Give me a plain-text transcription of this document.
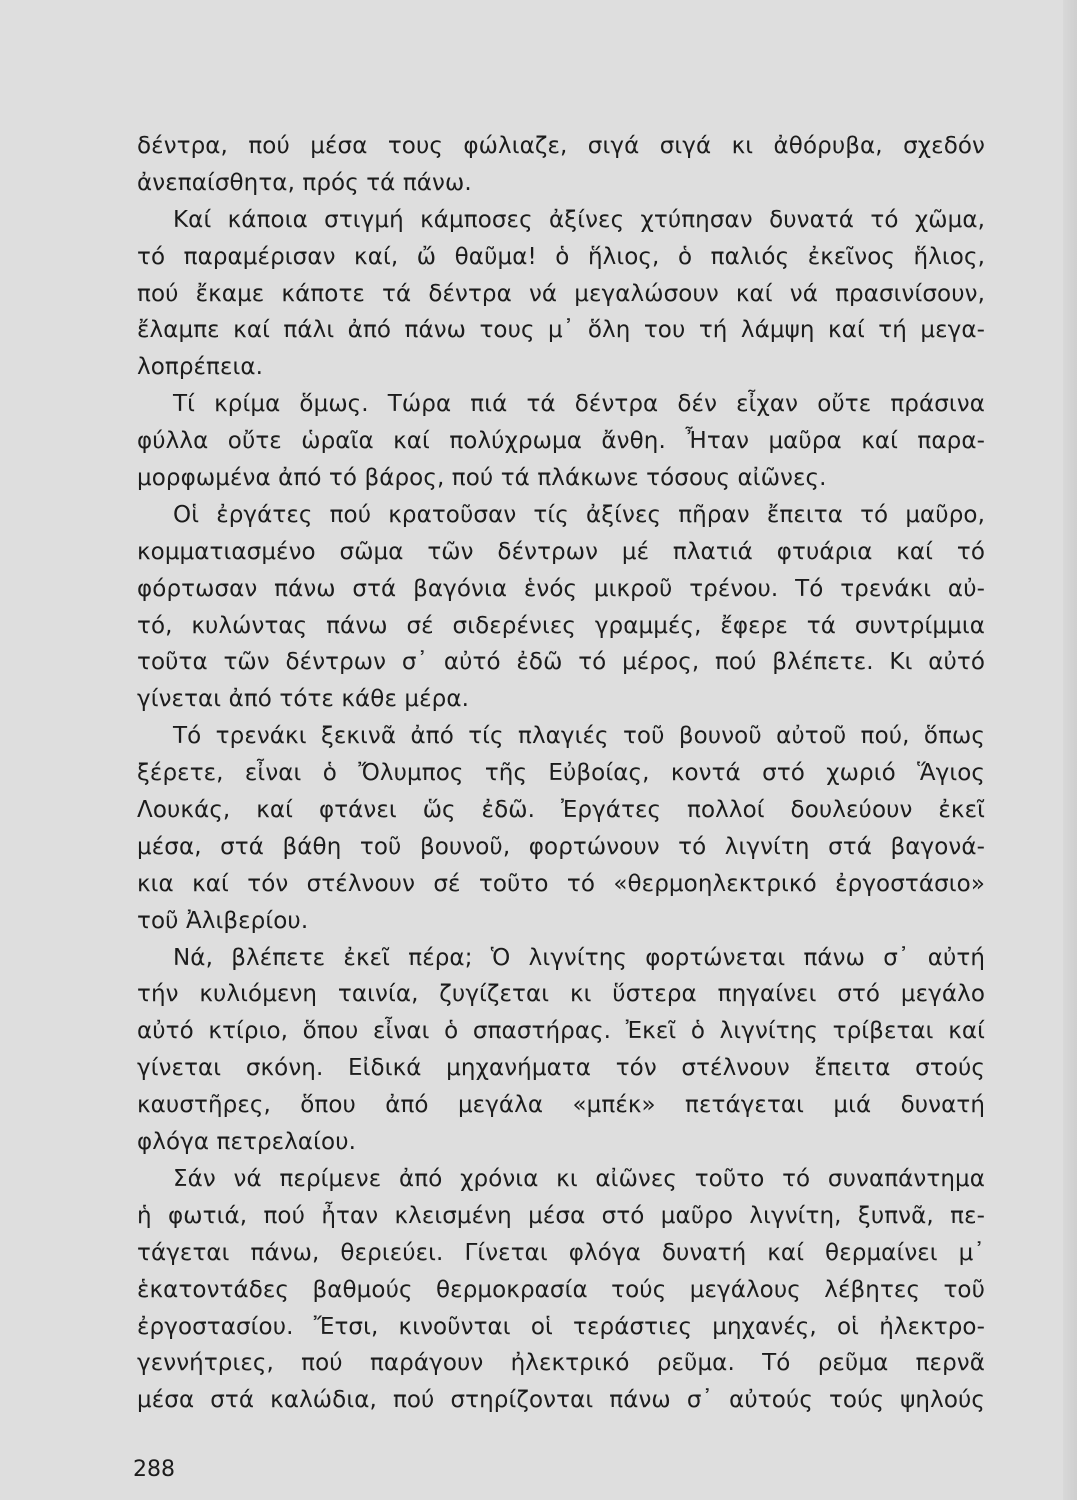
δέντρα, πού μέσα τους φώλιαζε, σιγά σιγά κι ἀθόρυβα, σχεδόν
ἀνεπαίσθητα, πρός τά πάνω.
Καί κάποια στιγμή κάμποσες ἀξίνες χτύπησαν δυνατά τό χῶμα,
τό παραμέρισαν καί, ὤ θαῦμα! ὁ ἥλιος, ὁ παλιός ἐκεῖνος ἥλιος,
πού ἔκαμε κάποτε τά δέντρα νά μεγαλώσουν καί νά πρασινίσουν,
ἔλαμπε καί πάλι ἀπό πάνω τους μ᾽ ὅλη του τή λάμψη καί τή μεγα-
λοπρέπεια.
Τί κρίμα ὅμως. Τώρα πιά τά δέντρα δέν εἶχαν οὔτε πράσινα
φύλλα οὔτε ὡραῖα καί πολύχρωμα ἄνθη. Ἦταν μαῦρα καί παρα-
μορφωμένα ἀπό τό βάρος, πού τά πλάκωνε τόσους αἰῶνες.
Οἱ ἐργάτες πού κρατοῦσαν τίς ἀξίνες πῆραν ἔπειτα τό μαῦρο,
κομματιασμένο σῶμα τῶν δέντρων μέ πλατιά φτυάρια καί τό
φόρτωσαν πάνω στά βαγόνια ἑνός μικροῦ τρένου. Τό τρενάκι αὐ-
τό, κυλώντας πάνω σέ σιδερένιες γραμμές, ἔφερε τά συντρίμμια
τοῦτα τῶν δέντρων σ᾽ αὐτό ἐδῶ τό μέρος, πού βλέπετε. Κι αὐτό
γίνεται ἀπό τότε κάθε μέρα.
Τό τρενάκι ξεκινᾶ ἀπό τίς πλαγιές τοῦ βουνοῦ αὐτοῦ πού, ὅπως
ξέρετε, εἶναι ὁ Ὄλυμπος τῆς Εὐβοίας, κοντά στό χωριό Ἅγιος
Λουκάς, καί φτάνει ὥς ἐδῶ. Ἐργάτες πολλοί δουλεύουν ἐκεῖ
μέσα, στά βάθη τοῦ βουνοῦ, φορτώνουν τό λιγνίτη στά βαγονά-
κια καί τόν στέλνουν σέ τοῦτο τό «θερμοηλεκτρικό ἐργοστάσιο»
τοῦ Ἀλιβερίου.
Νά, βλέπετε ἐκεῖ πέρα; Ὁ λιγνίτης φορτώνεται πάνω σ᾽ αὐτή
τήν κυλιόμενη ταινία, ζυγίζεται κι ὕστερα πηγαίνει στό μεγάλο
αὐτό κτίριο, ὅπου εἶναι ὁ σπαστήρας. Ἐκεῖ ὁ λιγνίτης τρίβεται καί
γίνεται σκόνη. Εἰδικά μηχανήματα τόν στέλνουν ἔπειτα στούς
καυστῆρες, ὅπου ἀπό μεγάλα «μπέκ» πετάγεται μιά δυνατή
φλόγα πετρελαίου.
Σάν νά περίμενε ἀπό χρόνια κι αἰῶνες τοῦτο τό συναπάντημα
ἡ φωτιά, πού ἦταν κλεισμένη μέσα στό μαῦρο λιγνίτη, ξυπνᾶ, πε-
τάγεται πάνω, θεριεύει. Γίνεται φλόγα δυνατή καί θερμαίνει μ᾽
ἑκατοντάδες βαθμούς θερμοκρασία τούς μεγάλους λέβητες τοῦ
ἐργοστασίου. Ἔτσι, κινοῦνται οἱ τεράστιες μηχανές, οἱ ἠλεκτρο-
γεννήτριες, πού παράγουν ἠλεκτρικό ρεῦμα. Τό ρεῦμα περνᾶ
μέσα στά καλώδια, πού στηρίζονται πάνω σ᾽ αὐτούς τούς ψηλούς
288
